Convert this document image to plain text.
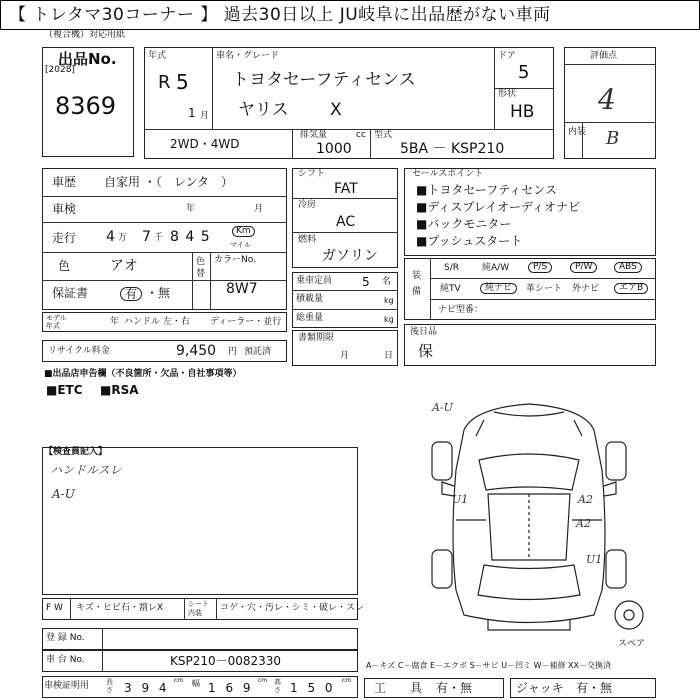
【 トレタマ30コーナー 】 過去30日以上 JU岐阜に出品歴がない車両
（複合機）対応用紙
出品No.
[2028]
8369
年式
R 5
1 月
車名・グレード
トヨタセーフティセンス
ヤリス X
ドア
5
形状
HB
2WD・4WD
排気量	cc
1000
型式
5BA － KSP210
評価点
4
内装 B
車歴 自家用 ・（　レンタ　）
車検	年	月
走行 4 万 7 千 8 4 5	Km
マイル
色	アオ	色替
保証書	有 ・無
カラーNo.
8W7
モデル年式	年 ハンドル 左・右 ディーラー・並行
リサイクル料金	9,450 円 預託済
シフト
FAT
冷房
AC
燃料
ガソリン
乗車定員 5 名
積載量	kg
総重量	kg
書類期限
月	日
セールスポイント
■トヨタセーフティセンス
■ディスプレイオーディオナビ
■バックモニター
■プッシュスタート
装備
S/R	純A/W	P/S	P/W	ABS
純TV	純ナビ	革シート 外ナビ	エアB
ナビ型番：
後日品
保
■出品店申告欄（不良箇所・欠品・自社事項等）
■ETC ■RSA
【検査員記入】
ハンドルスレ
A-U
A-U
U1
U1
A2
A2
スペア
A－キズ C－腐食 E－エクボ S－サビ U－凹ミ W－補修 XX－交換済
F W キズ・ヒビ石・割レX	シート内装	コゲ・穴・汚レ・シミ・破レ・スレ
登 録 No.
車 台 No.	KSP210－0082330
車検証明用 長さ 3 9 4
cm 幅 1 6 9
cm 高さ 1 5 0
cm
工　　具 有・無	ジャッキ 有・無
